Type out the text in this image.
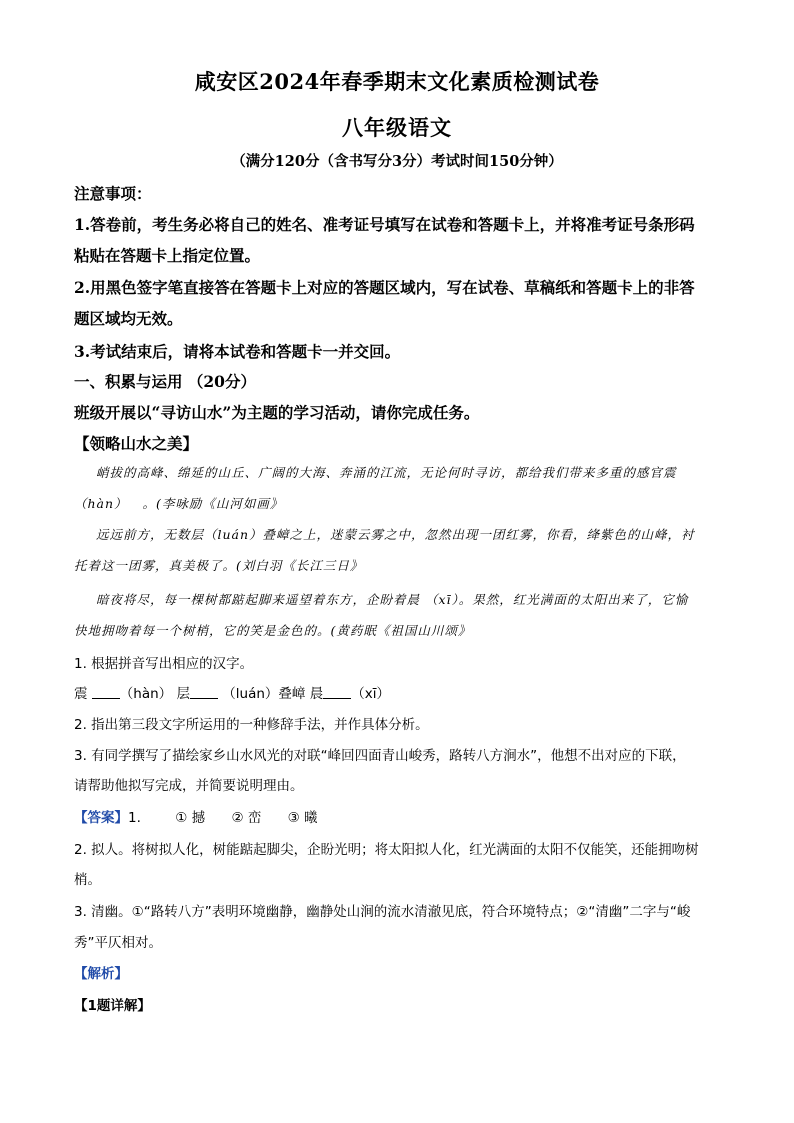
咸安区2024年春季期末文化素质检测试卷
八年级语文
（满分120分（含书写分3分）考试时间150分钟）
注意事项：
1.答卷前，考生务必将自己的姓名、准考证号填写在试卷和答题卡上，并将准考证号条形码
粘贴在答题卡上指定位置。
2.用黑色签字笔直接答在答题卡上对应的答题区域内，写在试卷、草稿纸和答题卡上的非答
题区域均无效。
3.考试结束后，请将本试卷和答题卡一并交回。
一、积累与运用 （20分）
班级开展以“寻访山水”为主题的学习活动，请你完成任务。
【领略山水之美】
峭拔的高峰、绵延的山丘、广阔的大海、奔涌的江流，无论何时寻访，都给我们带来多重的感官震
（hàn） 。(李咏励《山河如画》
远远前方，无数层（luán）叠嶂之上，迷蒙云雾之中，忽然出现一团红雾，你看，绛紫色的山峰，衬
托着这一团雾，真美极了。(刘白羽《长江三日》
暗夜将尽，每一棵树都踮起脚来遥望着东方，企盼着晨 （xī）。果然，红光满面的太阳出来了，它愉
快地拥吻着每一个树梢，它的笑是金色的。(黄药眠《祖国山川颂》
1. 根据拼音写出相应的汉字。
震 （hàn） 层 （luán）叠嶂 晨 （xī）
2. 指出第三段文字所运用的一种修辞手法，并作具体分析。
3. 有同学撰写了描绘家乡山水风光的对联“峰回四面青山峻秀，路转八方涧水”，他想不出对应的下联，
请帮助他拟写完成，并简要说明理由。
【答案】1.	① 撼 ② 峦 ③ 曦
2. 拟人。将树拟人化，树能踮起脚尖，企盼光明；将太阳拟人化，红光满面的太阳不仅能笑，还能拥吻树
梢。
3. 清幽。①“路转八方”表明环境幽静，幽静处山涧的流水清澈见底，符合环境特点；②“清幽”二字与“峻
秀”平仄相对。
【解析】
【1题详解】
